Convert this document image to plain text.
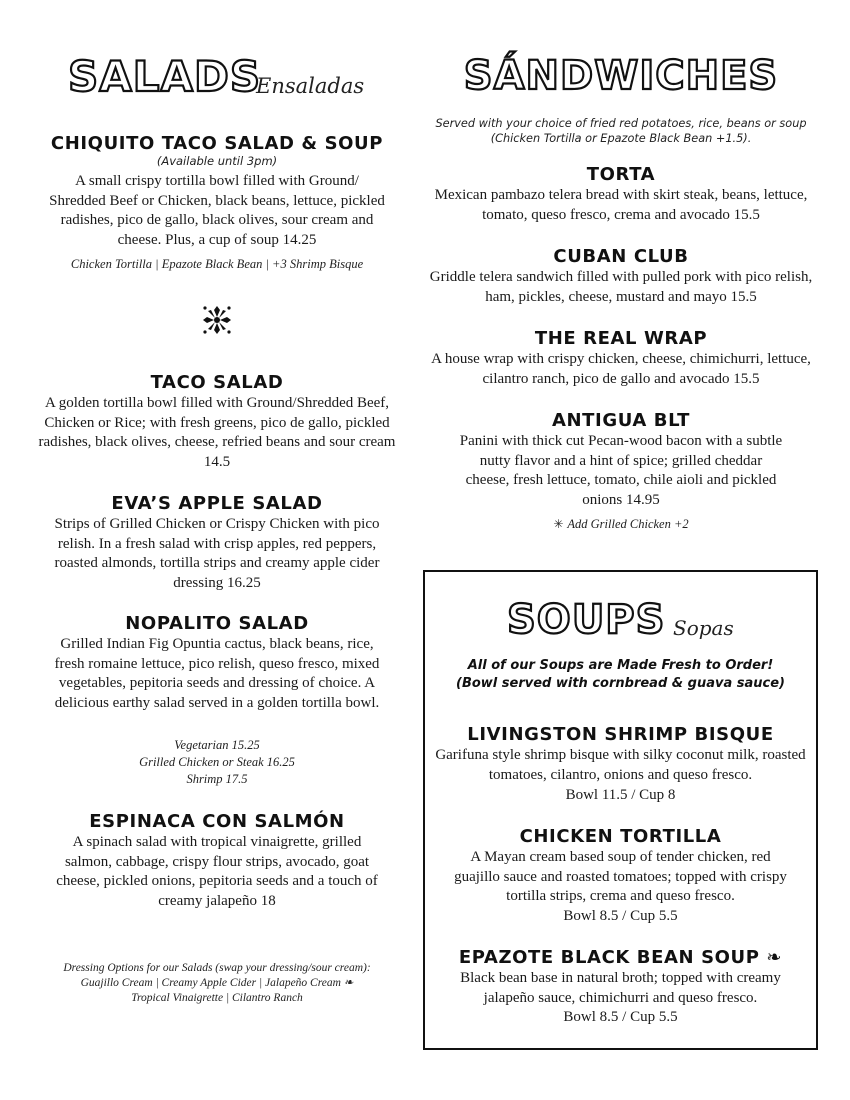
SALADS
Ensaladas
CHIQUITO TACO SALAD & SOUP
(Available until 3pm)
A small crispy tortilla bowl filled with Ground/ Shredded Beef or Chicken, black beans, lettuce, pickled radishes, pico de gallo, black olives, sour cream and cheese. Plus, a cup of soup 14.25
Chicken Tortilla | Epazote Black Bean | +3 Shrimp Bisque
TACO SALAD
A golden tortilla bowl filled with Ground/Shredded Beef, Chicken or Rice; with fresh greens, pico de gallo, pickled radishes, black olives, cheese, refried beans and sour cream 14.5
EVA’S APPLE SALAD
Strips of Grilled Chicken or Crispy Chicken with pico relish. In a fresh salad with crisp apples, red peppers, roasted almonds, tortilla strips and creamy apple cider dressing 16.25
NOPALITO SALAD
Grilled Indian Fig Opuntia cactus, black beans, rice, fresh romaine lettuce, pico relish, queso fresco, mixed vegetables, pepitoria seeds and dressing of choice. A delicious earthy salad served in a golden tortilla bowl.
Vegetarian 15.25
Grilled Chicken or Steak 16.25
Shrimp 17.5
ESPINACA CON SALMÓN
A spinach salad with tropical vinaigrette, grilled salmon, cabbage, crispy flour strips, avocado, goat cheese, pickled onions, pepitoria seeds and a touch of creamy jalapeño 18
Dressing Options for our Salads (swap your dressing/sour cream):
Guajillo Cream | Creamy Apple Cider | Jalapeño Cream ❧
Tropical Vinaigrette | Cilantro Ranch
SÁNDWICHES
Served with your choice of fried red potatoes, rice, beans or soup (Chicken Tortilla or Epazote Black Bean +1.5).
TORTA
Mexican pambazo telera bread with skirt steak, beans, lettuce, tomato, queso fresco, crema and avocado 15.5
CUBAN CLUB
Griddle telera sandwich filled with pulled pork with pico relish, ham, pickles, cheese, mustard and mayo 15.5
THE REAL WRAP
A house wrap with crispy chicken, cheese, chimichurri, lettuce, cilantro ranch, pico de gallo and avocado 15.5
ANTIGUA BLT
Panini with thick cut Pecan-wood bacon with a subtle nutty flavor and a hint of spice; grilled cheddar cheese, fresh lettuce, tomato, chile aioli and pickled onions 14.95
✳ Add Grilled Chicken +2
SOUPS Sopas
All of our Soups are Made Fresh to Order!
(Bowl served with cornbread & guava sauce)
LIVINGSTON SHRIMP BISQUE
Garifuna style shrimp bisque with silky coconut milk, roasted tomatoes, cilantro, onions and queso fresco.
Bowl 11.5 / Cup 8
CHICKEN TORTILLA
A Mayan cream based soup of tender chicken, red guajillo sauce and roasted tomatoes; topped with crispy tortilla strips, crema and queso fresco.
Bowl 8.5 / Cup 5.5
EPAZOTE BLACK BEAN SOUP ❧
Black bean base in natural broth; topped with creamy jalapeño sauce, chimichurri and queso fresco.
Bowl 8.5 / Cup 5.5
